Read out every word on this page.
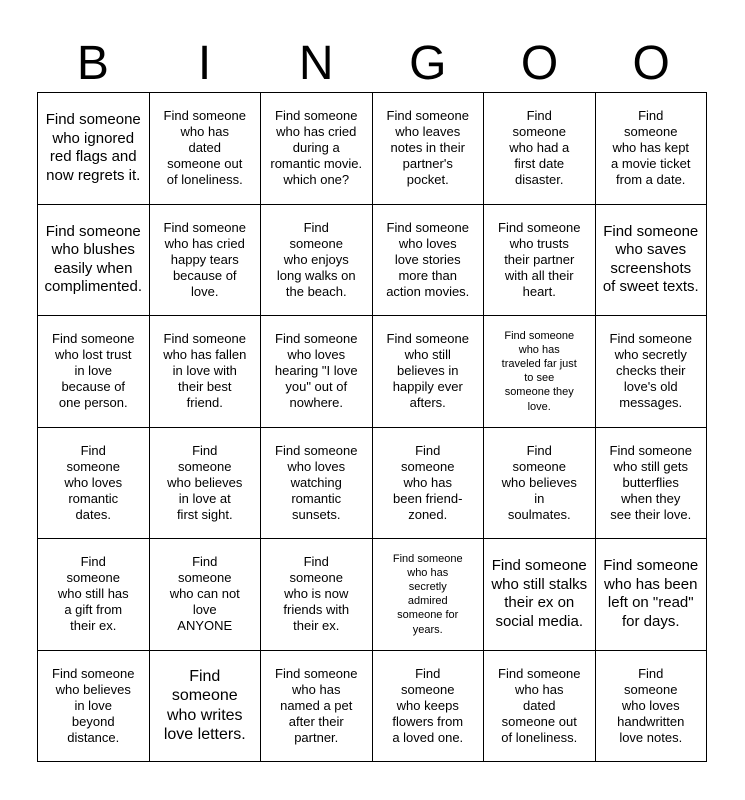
B	I	N	G	O	O
Find someone
who ignored
red flags and
now regrets it.
Find someone
who has
dated
someone out
of loneliness.
Find someone
who has cried
during a
romantic movie.
which one?
Find someone
who leaves
notes in their
partner's
pocket.
Find
someone
who had a
first date
disaster.
Find
someone
who has kept
a movie ticket
from a date.
Find someone
who blushes
easily when
complimented.
Find someone
who has cried
happy tears
because of
love.
Find
someone
who enjoys
long walks on
the beach.
Find someone
who loves
love stories
more than
action movies.
Find someone
who trusts
their partner
with all their
heart.
Find someone
who saves
screenshots
of sweet texts.
Find someone
who lost trust
in love
because of
one person.
Find someone
who has fallen
in love with
their best
friend.
Find someone
who loves
hearing "I love
you" out of
nowhere.
Find someone
who still
believes in
happily ever
afters.
Find someone
who has
traveled far just
to see
someone they
love.
Find someone
who secretly
checks their
love's old
messages.
Find
someone
who loves
romantic
dates.
Find
someone
who believes
in love at
first sight.
Find someone
who loves
watching
romantic
sunsets.
Find
someone
who has
been friend-
zoned.
Find
someone
who believes
in
soulmates.
Find someone
who still gets
butterflies
when they
see their love.
Find
someone
who still has
a gift from
their ex.
Find
someone
who can not
love
ANYONE
Find
someone
who is now
friends with
their ex.
Find someone
who has
secretly
admired
someone for
years.
Find someone
who still stalks
their ex on
social media.
Find someone
who has been
left on "read"
for days.
Find someone
who believes
in love
beyond
distance.
Find
someone
who writes
love letters.
Find someone
who has
named a pet
after their
partner.
Find
someone
who keeps
flowers from
a loved one.
Find someone
who has
dated
someone out
of loneliness.
Find
someone
who loves
handwritten
love notes.
